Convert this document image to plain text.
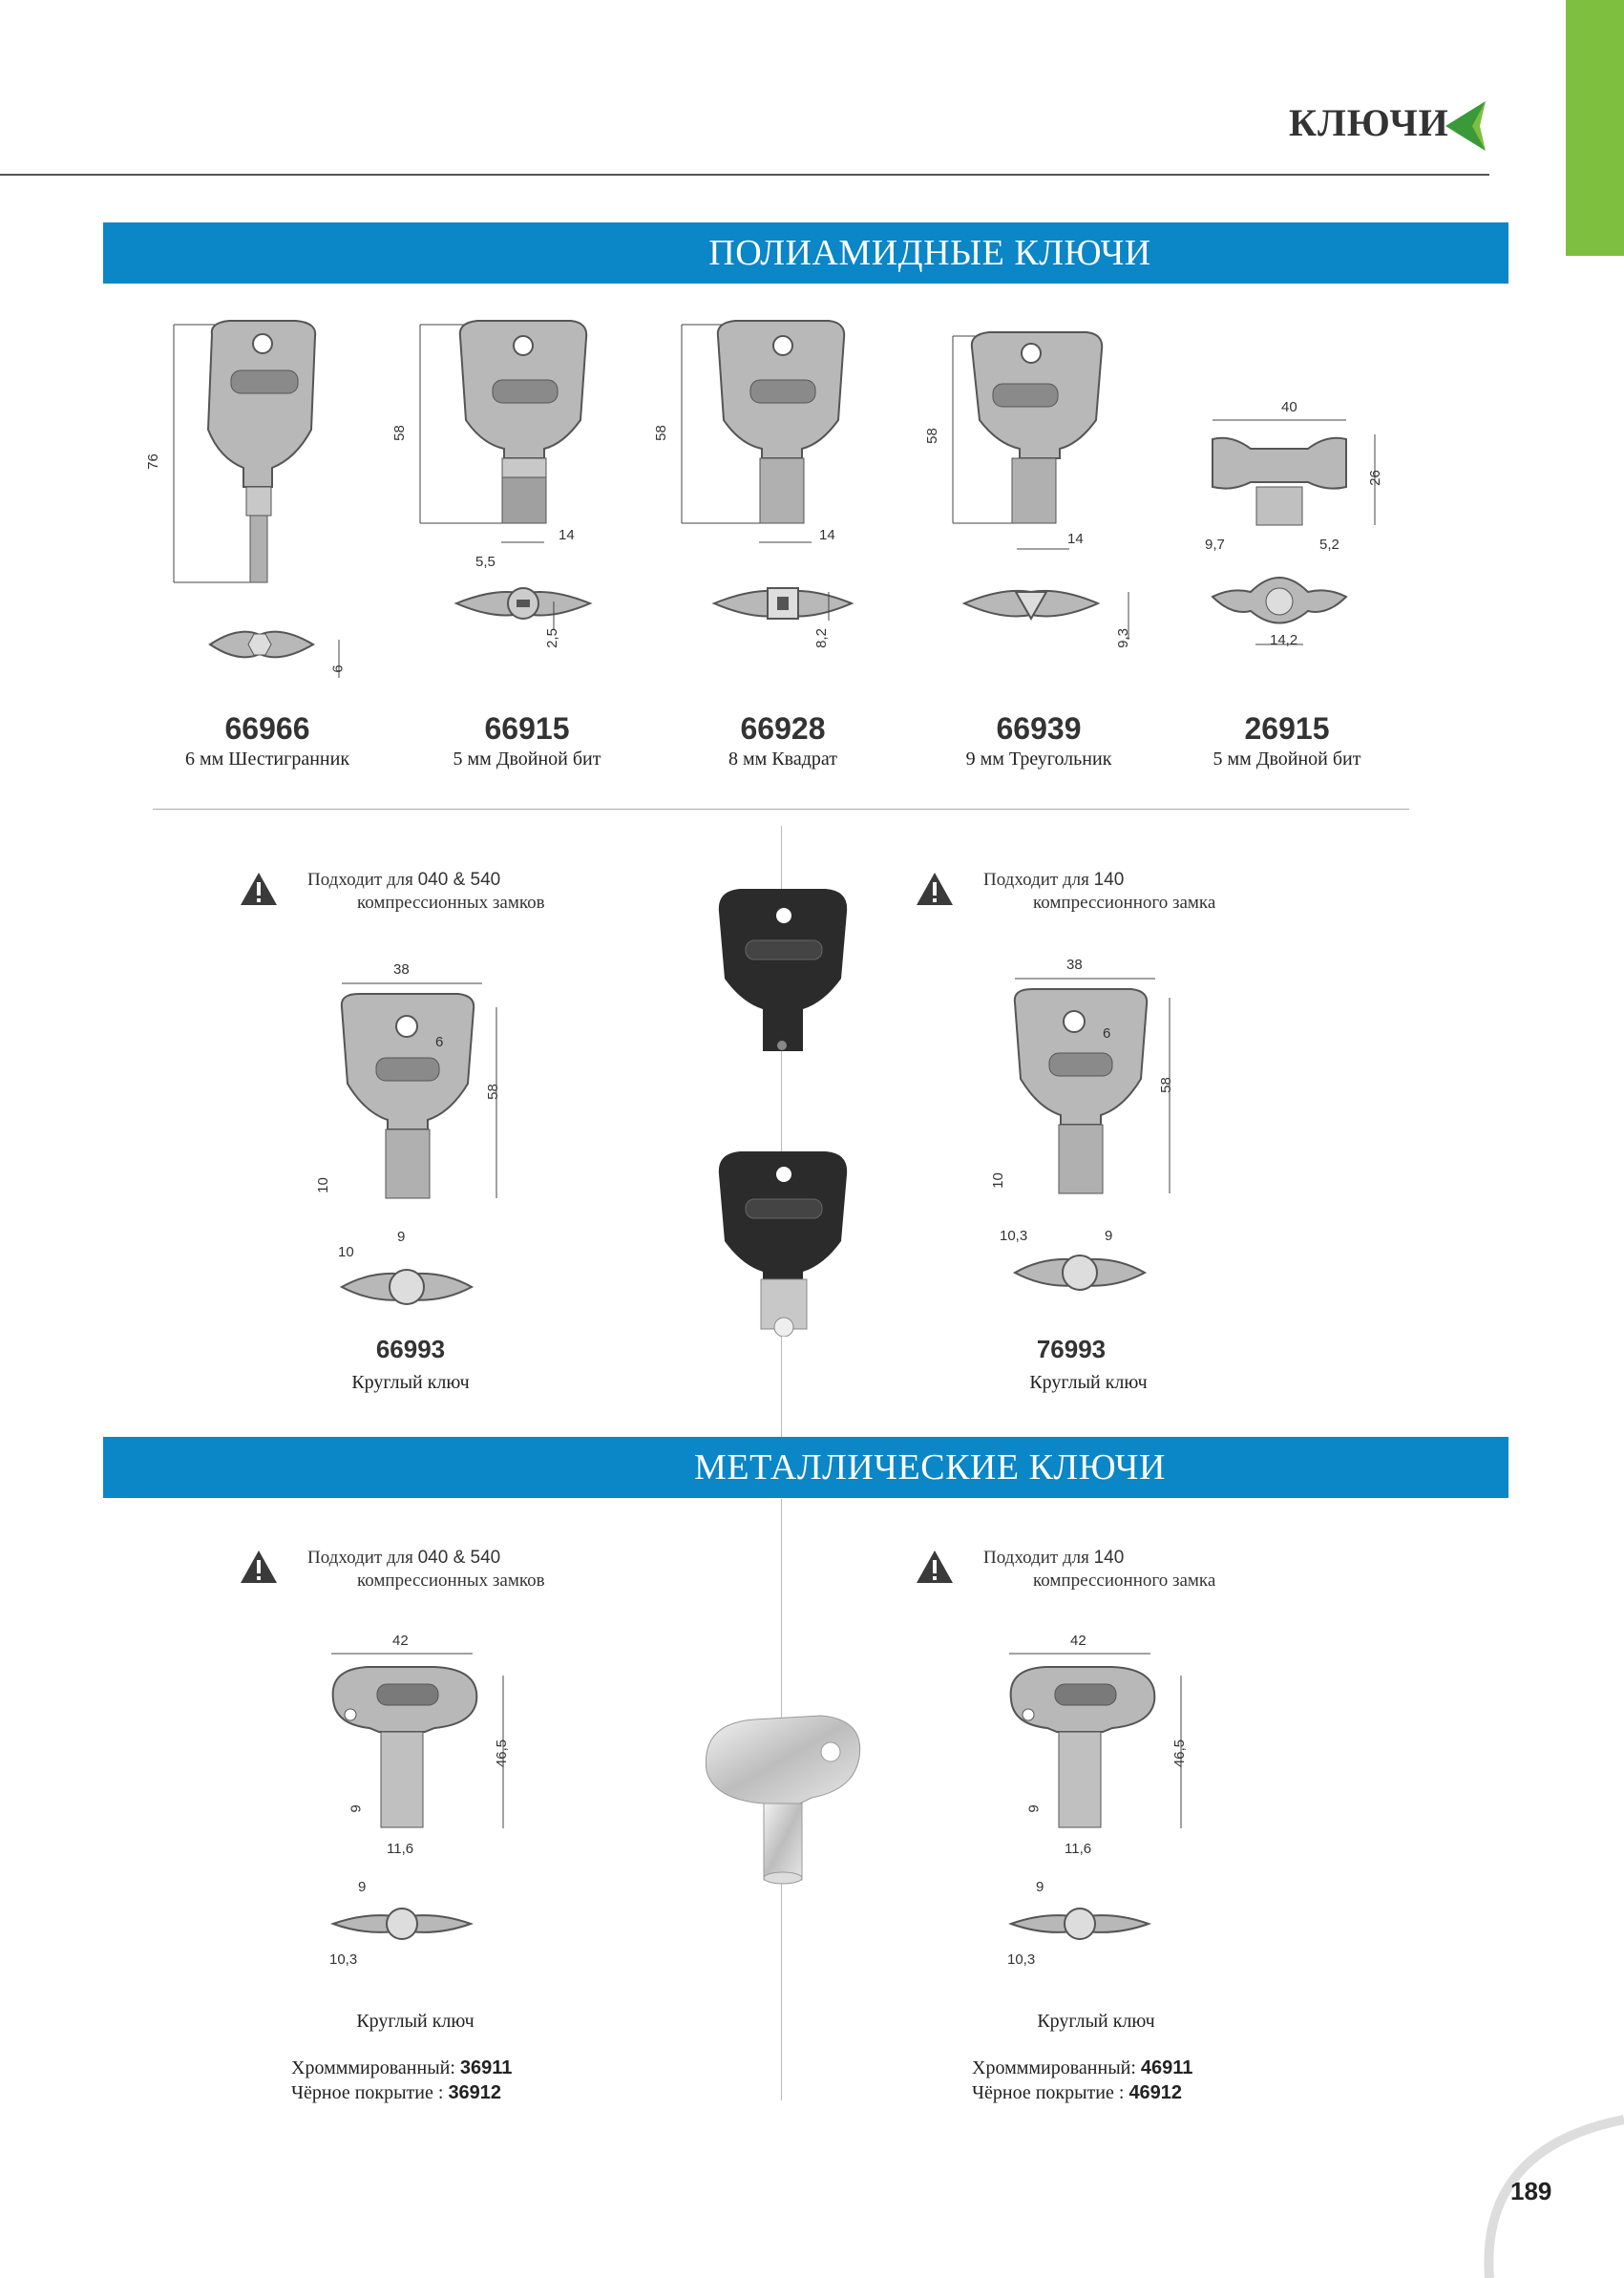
КЛЮЧИ
ПОЛИАМИДНЫЕ КЛЮЧИ
76
6
58
14
5,5
2,5
58
14
8,2
58
14
9,3
40
26
9,7	5,2
14,2
66966
6 мм Шестигранник
66915
5 мм Двойной бит
66928
8 мм Квадрат
66939
9 мм Треугольник
26915
5 мм Двойной бит
Подходит для 040 & 540
компрессионных замков
38
6
58
10
9
10
66993
Круглый ключ
Подходит для 140
компрессионного замка
38
6
58
10
10,3	9
76993
Круглый ключ
МЕТАЛЛИЧЕСКИЕ КЛЮЧИ
Подходит для 040 & 540
компрессионных замков
42
46,5
9
11,6
9
10,3
Круглый ключ
Хромммированный: 36911
Чёрное покрытие : 36912
Подходит для 140
компрессионного замка
42
46,5
9
11,6
9
10,3
Круглый ключ
Хромммированный: 46911
Чёрное покрытие : 46912
189
